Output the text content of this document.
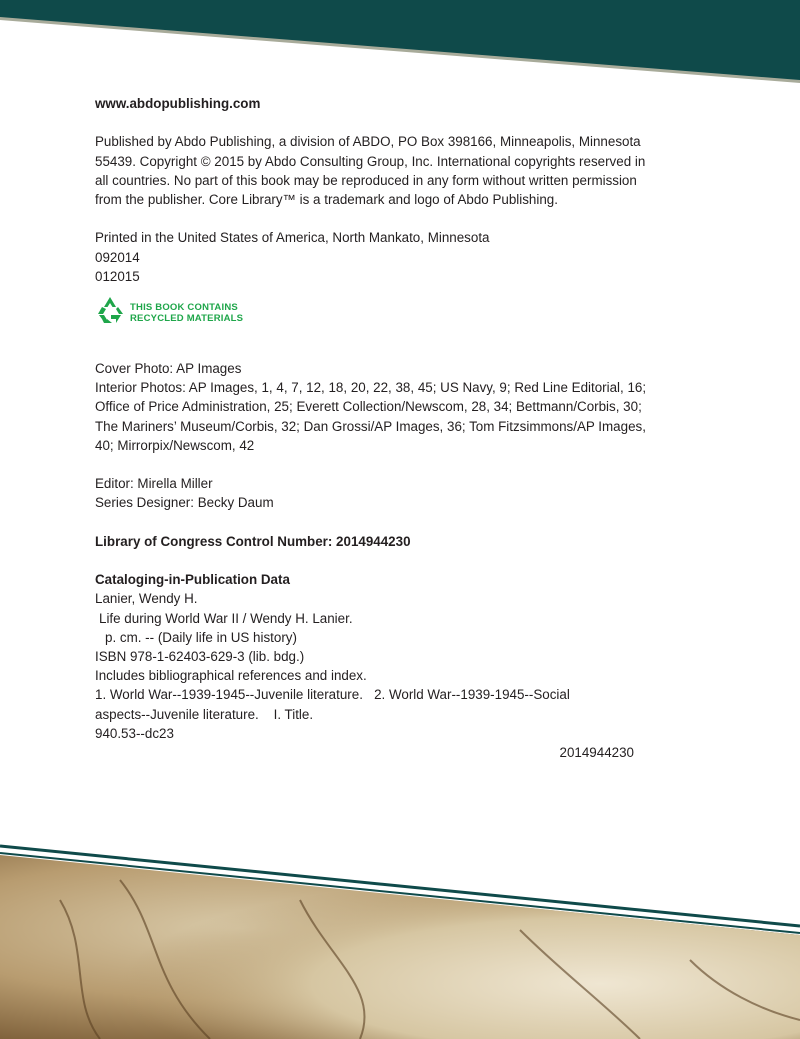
www.abdopublishing.com

Published by Abdo Publishing, a division of ABDO, PO Box 398166, Minneapolis, Minnesota 55439. Copyright © 2015 by Abdo Consulting Group, Inc. International copyrights reserved in all countries. No part of this book may be reproduced in any form without written permission from the publisher. Core Library™ is a trademark and logo of Abdo Publishing.

Printed in the United States of America, North Mankato, Minnesota

092014

012015

THIS BOOK CONTAINS
RECYCLED MATERIALS

Cover Photo: AP Images

Interior Photos: AP Images, 1, 4, 7, 12, 18, 20, 22, 38, 45; US Navy, 9; Red Line Editorial, 16; Office of Price Administration, 25; Everett Collection/Newscom, 28, 34; Bettmann/Corbis, 30; The Mariners’ Museum/Corbis, 32; Dan Grossi/AP Images, 36; Tom Fitzsimmons/AP Images, 40; Mirrorpix/Newscom, 42

Editor: Mirella Miller

Series Designer: Becky Daum

Library of Congress Control Number: 2014944230

Cataloging-in-Publication Data

Lanier, Wendy H.

Life during World War II / Wendy H. Lanier.

p. cm. -- (Daily life in US history)

ISBN 978-1-62403-629-3 (lib. bdg.)

Includes bibliographical references and index.

1. World War--1939-1945--Juvenile literature.   2. World War--1939-1945--Social

aspects--Juvenile literature.    I. Title.

940.53--dc23

2014944230
